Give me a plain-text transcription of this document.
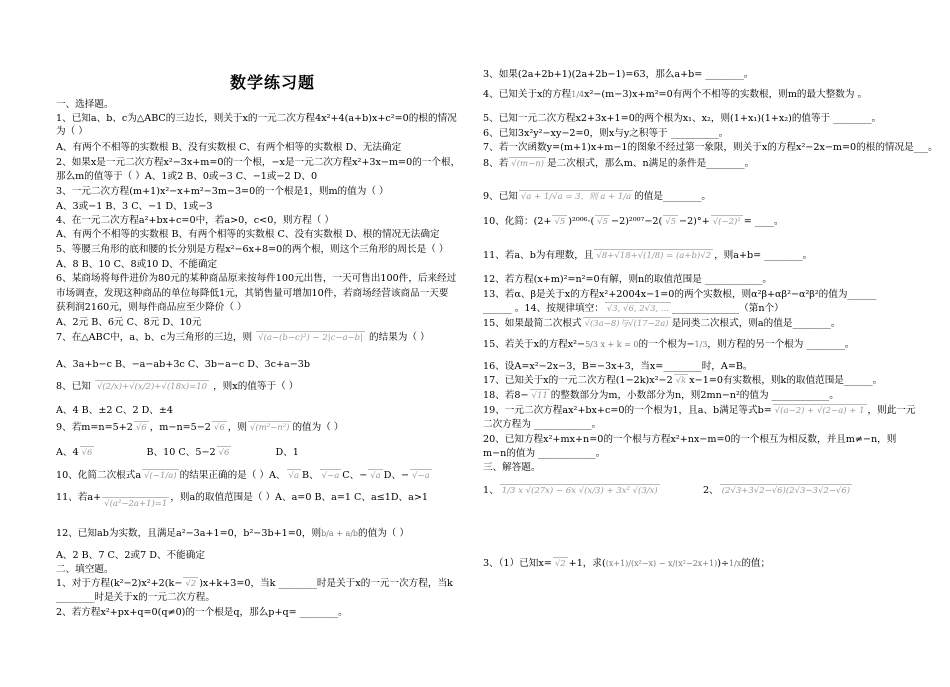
数学练习题
一、选择题。
1、已知a、b、c为△ABC的三边长，则关于x的一元二次方程4x²+4(a+b)x+c²=0的根的情况
为（ ）
A、有两个不相等的实数根 B、没有实数根 C、有两个相等的实数根 D、无法确定
2、如果x是一元二次方程x²−3x+m=0的一个根，−x是一元二次方程x²+3x−m=0的一个根，
那么m的值等于（ ）A、1或2 B、0或−3 C、−1或−2 D、0
3、一元二次方程(m+1)x²−x+m²−3m−3=0的一个根是1，则m的值为（ ）
A、3或−1 B、3 C、−1 D、1或−3
4、在一元二次方程a²+bx+c=0中，若a>0，c<0，则方程（ ）
A、有两个不相等的实数根 B、有两个相等的实数根 C、没有实数根 D、根的情况无法确定
5、等腰三角形的底和腰的长分别是方程x²−6x+8=0的两个根，则这个三角形的周长是（ ）
A、8 B、10 C、8或10 D、不能确定
6、某商场将每件进价为80元的某种商品原来按每件100元出售，一天可售出100件，后来经过
市场调查，发现这种商品的单位每降低1元，其销售量可增加10件，若商场经营该商品一天要
获利润2160元，则每件商品应至少降价（ ）
A、2元 B、6元 C、8元 D、10元
7、在△ABC中，a、b、c为三角形的三边，则 √(a−(b−c)²) − 2|c−a−b| 的结果为（ ）
A、3a+b−c B、−a−ab+3c C、3b−a−c D、3c+a−3b
8、已知 √(2/x)+√(x/2)+√(18x)=10 ，则x的值等于（ ）
A、4 B、±2 C、2 D、±4
9、若m=n=5+2 √6 ，m−n=5−2 √6 ，则 √(m²−n²) 的值为（ ）
A、4 √6	B、10 C、5−2 √6	D、1
10、化简二次根式a √(−1/a) 的结果正确的是（ ）A、 √a B、 √−a C、− √a D、− √−a
11、若a+√(a²−2a+1)=1，则a的取值范围是（ ）A、a=0 B、a=1 C、a≤1D、a>1
12、已知ab为实数，且满足a²−3a+1=0，b²−3b+1=0，则b/a + a/b的值为（ ）
A、2 B、7 C、2或7 D、不能确定
二、填空题。
1、对于方程(k²−2)x²+2(k− √2 )x+k+3=0，当k ________时是关于x的一元一次方程，当k
________时是关于x的一元二次方程。
2、若方程x²+px+q=0(q≠0)的一个根是q，那么p+q= ________。
3、如果(2a+2b+1)(2a+2b−1)=63，那么a+b= ________。
4、已知关于x的方程1/4x²−(m−3)x+m²=0有两个不相等的实数根，则m的最大整数为 。
5、已知一元二次方程x2+3x+1=0的两个根为x₁、x₂，则(1+x₁)(1+x₂)的值等于 ________。
6、已知3x²y²−xy−2=0，则x与y之积等于 __________。
7、若一次函数y=(m+1)x+m−1的图象不经过第一象限，则关于x的方程x²−2x−m=0的根的情况是___。
8、若 √(m−n) 是二次根式，那么m、n满足的条件是________。
9、已知 √a + 1/√a = 3，则 a + 1/a 的值是________。
10、化简：(2+ √5 )²⁰⁰⁶·( √5 −2)²⁰⁰⁷−2( √5 −2)°+ √(−2)² = ____。
11、若a、b为有理数，且 √8+√18+√(1/8) = (a+b)√2 ，则a+b= ________。
12、若方程(x+m)²=n²=0有解，则n的取值范围是 ____________。
13、若α、β是关于x的方程x²+2004x−1=0的两个实数根，则α²β+αβ²−α²β²的值为______
______ 。14、按规律填空： √3, √6, 2√3, ... ______________（第n个）
15、如果最简二次根式 √(3a−8)与√(17−2a) 是同类二次根式，则a的值是________。
15、若关于x的方程x²−5/3 x + k = 0的一个根为−1/3，则方程的另一个根为 ________。
16、设A=x²−2x−3，B=−3x+3，当x=________时，A=B。
17、已知关于x的一元二次方程(1−2k)x²−2 √k x−1=0有实数根，则k的取值范围是______。
18、若8− √11 的整数部分为m，小数部分为n，则2mn−n²的值为 ____________。
19、一元二次方程ax²+bx+c=0的一个根为1，且a、b满足等式b= √(a−2) + √(2−a) + 1 ，则此一元
二次方程为 ____________。
20、已知方程x²+mx+n=0的一个根与方程x²+nx−m=0的一个根互为相反数，并且m≠−n，则
m−n的值为 ____________。
三、解答题。
1、 1/3 x √(27x) − 6x √(x/3) + 3x² √(3/x)	2、 (2√3+3√2−√6)(2√3−3√2−√6)
3、（1）已知x= √2 +1，求((x+1)/(x²−x) − x/(x²−2x+1))÷1/x的值；
